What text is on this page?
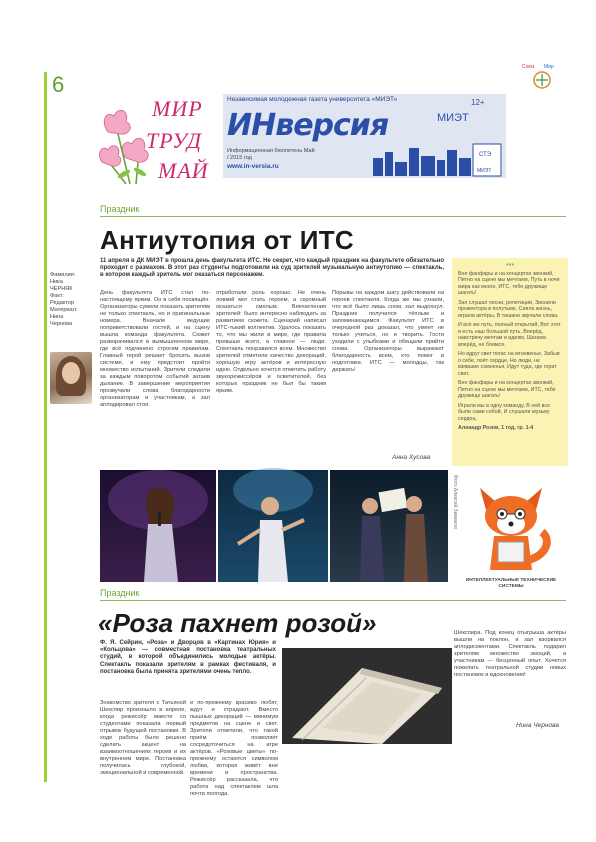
6
МИР
ТРУД
МАЙ
Независимая молодежная газета университета «МИЭТ»	12+
ИНверсия	МИЭТ
Информационная бюллетень Май / 2015 год
www.in-versia.ru
СТЭ
МИЭТ
Союз Мир
Праздник
Антиутопия от ИТС
11 апреля в ДК МИЭТ в прошла день факультета ИТС. Не секрет, что каждый праздник на факультете обязательно проходит с размахом. В этот раз студенты подготовили на суд зрителей музыкальную антиутопию — спектакль, в котором каждый зритель мог оказаться персонажем.
Фамилия:
Ника
ЧЕРНЯК
Факт:
Редактор
Материал:
Нина
Чернова
День факультета ИТС стал по-настоящему ярким. Он в себя посвящён. Организаторы сумели показать зрителям не только спектакль, но и оригинальные номера. Вначале ведущие поприветствовали гостей, и на сцену вышла команда факультета. Сюжет разворачивался в вымышленном мире, где всё подчинено строгим правилам. Главный герой решает бросить вызов системе, и ему предстоит пройти множество испытаний. Зрители следили за каждым поворотом событий затаив дыхание. В завершение мероприятия прозвучали слова благодарности организаторам и участникам, а зал аплодировал стоя.
отработали роль хорошо. Не очень ловкий мог стать героем, а скромный оказаться смелым. Впечатления зрителей: было интересно наблюдать за развитием сюжета. Сценарий написал ИТС-тыкий коллектив. Удалось показать то, что мы жили в мире, где правила превыше всего, а главное — люди. Спектакль понравился всем. Множество зрителей отметили качество декораций, хорошую игру актёров и интересную идею. Отдельно хочется отметить работу звукорежиссёров и осветителей, без которых праздник не был бы таким ярким.
Порывы на каждом шагу действовали на героев спектакля. Когда же мы узнали, что всё было лишь сном, зал выдохнул. Праздник получился тёплым и запоминающимся. Факультет ИТС в очередной раз доказал, что умеет не только учиться, но и творить. Гости уходили с улыбками и обещали прийти снова. Организаторы выражают благодарность всем, кто помог в подготовке. ИТС — молодцы, так держать!
Анна Хусова
***

Вне фанфары и на концертах звонкий, Пятно на сцене мы мечтаем, Путь в ночи мира как много, ИТС, тебе дружище шагать!

Зал слушал песни, репетиции, Звонили прожектора в полутьме, Сияла жизнь, играли актёры, В тишине звучали слова.

И всё же путь, полный открытий, Вот этот и есть наш большой путь, Вперёд, навстречу мечтам и идеям, Шагаем вперёд, не боимся.

Но вдруг свет погас на мгновенье, Забыв о себе, поёт сердце, Но люди, не взявшие сомненья, Идут туда, где горит свет.

Вне фанфары и на концертах звонкий, Пятно на сцене мы мечтаем, ИТС, тебе дружище шагать!

Играли мы в одну команду, В ней все были сами собой, И слушали музыку сердец.

Алиандр Розов, 1 год, гр. 1-4

Фото Алексей Зиминов
ИНТЕЛЛЕКТУАЛЬНЫЕ ТЕХНИЧЕСКИЕ СИСТЕМЫ
Праздник
«Роза пахнет розой»
Ф. Я. Сейрин, «Роза» и Дворцов в «Картинах Юрия» и «Кольцова» — совместная постановка театральных студий, в которой объединились молодые актёры. Спектакль показали зрителям в рамках фестиваля, и постановка была принята зрителями очень тепло.
Знакомство зрителя с Татьяной Шекспир произошло в апреле, когда режиссёр вместе со студентами показала первый отрывок будущей постановки. В ходе работы было решено сделать акцент на взаимоотношениях героев и их внутреннем мире. Постановка получилась глубокой, эмоциональной и современной.
и по-прежнему красиво любят, ждут и страдают. Вместо пышных декораций — минимум предметов на сцене и свет. Зрители отметили, что такой приём позволяет сосредоточиться на игре актёров. «Розовые цветы» по-прежнему остаются символом любви, которая живёт вне времени и пространства. Режиссёр рассказала, что работа над спектаклем шла почти полгода.
Шекспира. Под конец отыгрыша актёры вышли на поклон, и зал взорвался аплодисментами. Спектакль подарил зрителям множество эмоций, а участникам — бесценный опыт. Хочется пожелать театральной студии новых постановок и вдохновения!
Нина Чернова
